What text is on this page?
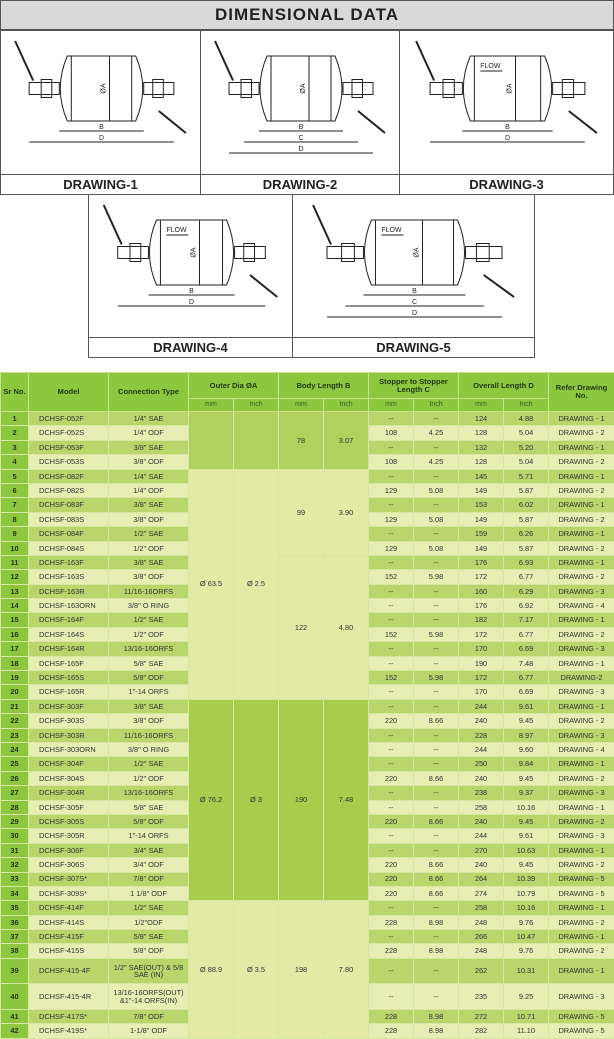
DIMENSIONAL DATA
ØA
B
D
DRAWING-1
ØA
B
C
D
DRAWING-2
ØA
FLOW
B
D
DRAWING-3
ØA
FLOW
B
D
DRAWING-4
ØA
FLOW
B
C
D
DRAWING-5
Sr No.	Model	Connection Type	Outer Dia ØA		Body Length B		Stopper to Stopper Length C		Overall Length D		Refer Drawing No.
			mm	Inch	mm	Inch	mm	Inch	mm	Inch	
1	DCHSF-052F	1/4" SAE			78	3.07	--	--	124	4.88	DRAWING - 1
2	DCHSF-052S	1/4" ODF					108	4.25	128	5.04	DRAWING - 2
3	DCHSF-053F	3/8" SAE					--	--	132	5.20	DRAWING - 1
4	DCHSF-053S	3/8" ODF					108	4.25	128	5.04	DRAWING - 2
5	DCHSF-082F	1/4" SAE	Ø 63.5	Ø 2.5	99	3.90	--	--	145	5.71	DRAWING - 1
6	DCHSF-082S	1/4" ODF					129	5.08	149	5.87	DRAWING - 2
7	DCHSF-083F	3/8" SAE					--	--	153	6.02	DRAWING - 1
8	DCHSF-083S	3/8" ODF					129	5.08	149	5.87	DRAWING - 2
9	DCHSF-084F	1/2" SAE					--	--	159	6.26	DRAWING - 1
10	DCHSF-084S	1/2" ODF					129	5.08	149	5.87	DRAWING - 2
11	DCHSF-163F	3/8" SAE			122	4.80	--	--	176	6.93	DRAWING - 1
12	DCHSF-163S	3/8" ODF					152	5.98	172	6.77	DRAWING - 2
13	DCHSF-163R	11/16-16ORFS					--	--	160	6.29	DRAWING - 3
14	DCHSF-163ORN	3/8" O RING					--	--	176	6.92	DRAWING - 4
15	DCHSF-164F	1/2" SAE					--	--	182	7.17	DRAWING - 1
16	DCHSF-164S	1/2" ODF					152	5.98	172	6.77	DRAWING - 2
17	DCHSF-164R	13/16-16ORFS					--	--	170	6.69	DRAWING - 3
18	DCHSF-165F	5/8" SAE					--	--	190	7.48	DRAWING - 1
19	DCHSF-165S	5/8" ODF					152	5.98	172	6.77	DRAWING-2
20	DCHSF-165R	1"-14 ORFS					--	--	170	6.69	DRAWING - 3
21	DCHSF-303F	3/8" SAE	Ø 76.2	Ø 3	190	7.48	--	--	244	9.61	DRAWING - 1
22	DCHSF-303S	3/8" ODF					220	8.66	240	9.45	DRAWING - 2
23	DCHSF-303R	11/16-16ORFS					--	--	228	8.97	DRAWING - 3
24	DCHSF-303ORN	3/8" O RING					--	--	244	9.60	DRAWING - 4
25	DCHSF-304F	1/2" SAE					--	--	250	9.84	DRAWING - 1
26	DCHSF-304S	1/2" ODF					220	8.66	240	9.45	DRAWING - 2
27	DCHSF-304R	13/16-16ORFS					--	--	238	9.37	DRAWING - 3
28	DCHSF-305F	5/8" SAE					--	--	258	10.16	DRAWING - 1
29	DCHSF-305S	5/8" ODF					220	8.66	240	9.45	DRAWING - 2
30	DCHSF-305R	1"-14 ORFS					--	--	244	9.61	DRAWING - 3
31	DCHSF-306F	3/4" SAE					--	--	270	10.63	DRAWING - 1
32	DCHSF-306S	3/4" ODF					220	8.66	240	9.45	DRAWING - 2
33	DCHSF-307S*	7/8" ODF					220	8.66	264	10.39	DRAWING - 5
34	DCHSF-309S*	1 1/8" ODF					220	8.66	274	10.79	DRAWING - 5
35	DCHSF-414F	1/2" SAE	Ø 88.9	Ø 3.5	198	7.80	--	--	258	10.16	DRAWING - 1
36	DCHSF-414S	1/2"ODF					228	8.98	248	9.76	DRAWING - 2
37	DCHSF-415F	5/8" SAE					--	--	266	10.47	DRAWING - 1
38	DCHSF-415S	5/8" ODF					228	8.98	248	9.76	DRAWING - 2
39	DCHSF-415-4F	1/2" SAE(OUT) & 5/8 SAE (IN)					--	--	262	10.31	DRAWING - 1
40	DCHSF-415-4R	13/16-16ORFS(OUT) &1"-14 ORFS(IN)					--	--	235	9.25	DRAWING - 3
41	DCHSF-417S*	7/8" ODF					228	8.98	272	10.71	DRAWING - 5
42	DCHSF-419S*	1-1/8" ODF					228	8.98	282	11.10	DRAWING - 5
